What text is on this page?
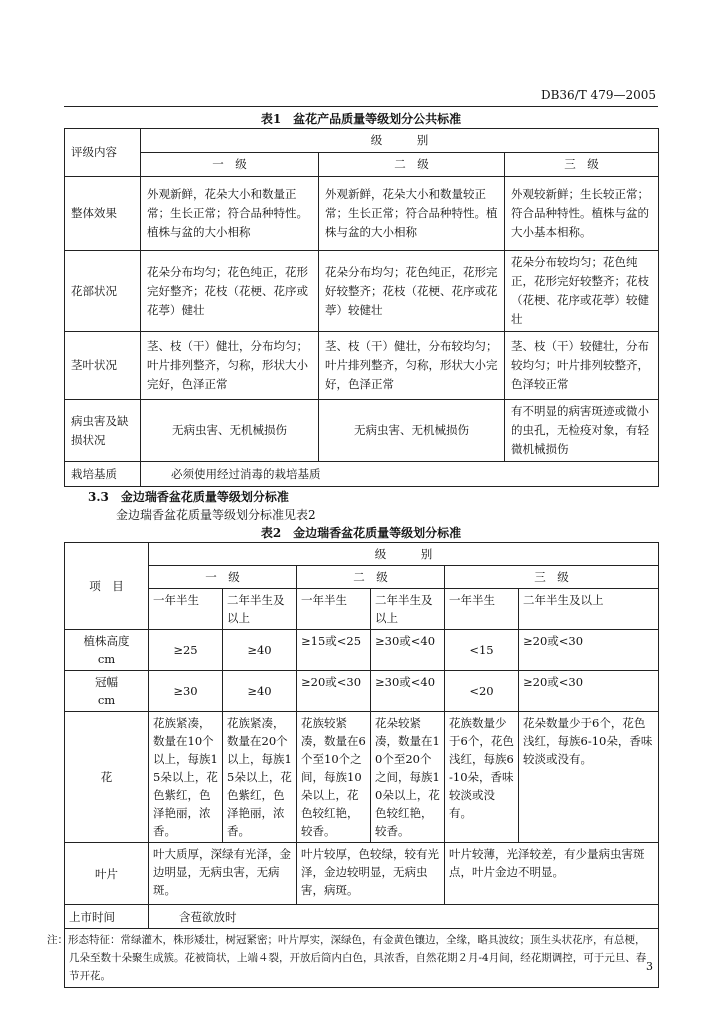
DB36/T 479—2005
表1　盆花产品质量等级划分公共标准
评级内容	级　　　别		
	一　级	二　级	三　级
整体效果	外观新鲜，花朵大小和数量正常；生长正常；符合品种特性。植株与盆的大小相称	外观新鲜，花朵大小和数量较正常；生长正常；符合品种特性。植株与盆的大小相称	外观较新鲜；生长较正常；符合品种特性。植株与盆的大小基本相称。
花部状况	花朵分布均匀；花色纯正，花形完好整齐；花枝（花梗、花序或花葶）健壮	花朵分布均匀；花色纯正，花形完好较整齐；花枝（花梗、花序或花葶）较健壮	花朵分布较均匀；花色纯正，花形完好较整齐；花枝（花梗、花序或花葶）较健壮
茎叶状况	茎、枝（干）健壮，分布均匀；叶片排列整齐，匀称，形状大小完好，色泽正常	茎、枝（干）健壮，分布较均匀；叶片排列整齐，匀称，形状大小完好，色泽正常	茎、枝（干）较健壮，分布较均匀；叶片排列较整齐，色泽较正常
病虫害及缺损状况	无病虫害、无机械损伤	无病虫害、无机械损伤	有不明显的病害斑迹或微小的虫孔，无检疫对象，有轻微机械损伤
栽培基质	必须使用经过消毒的栽培基质		
3.3　金边瑞香盆花质量等级划分标准
金边瑞香盆花质量等级划分标准见表2
表2　金边瑞香盆花质量等级划分标准
项　目	级　　　别					
	一　级		二　级		三　级	
	一年半生	二年半生及以上	一年半生	二年半生及以上	一年半生	二年半生及以上

植株高度
cm	≥25	≥40	≥15或<25	≥30或<40	<15	≥20或<30

冠幅
cm	≥30	≥40	≥20或<30	≥30或<40	<20	≥20或<30
花	花族紧凑，数量在10个以上，每族15朵以上，花色紫红，色泽艳丽，浓香。	花族紧凑，数量在20个以上，每族15朵以上，花色紫红，色泽艳丽，浓香。	花族较紧凑，数量在6个至10个之间，每族10朵以上，花色较红艳，较香。	花朵较紧凑，数量在10个至20个之间，每族10朵以上，花色较红艳，较香。	花族数量少于6个，花色浅红，每族6-10朵，香味较淡或没有。	花朵数量少于6个，花色浅红，每族6-10朵，香味较淡或没有。
叶片	叶大质厚，深绿有光泽，金边明显，无病虫害，无病斑。		叶片较厚，色较绿，较有光泽，金边较明显，无病虫害，病斑。		叶片较薄，光泽较差，有少量病虫害斑点，叶片金边不明显。	
上市时间	含苞欲放时					
注：形态特征：常绿灌木，株形矮壮，树冠紧密；叶片厚实，深绿色，有金黄色镶边，全缘，略具波纹；顶生头状花序，有总梗，几朵至数十朵聚生成簇。花被筒状，上端４裂，开放后筒内白色，具浓香，自然花期２月-4月间，经花期调控，可于元旦、春节开花。						
3
